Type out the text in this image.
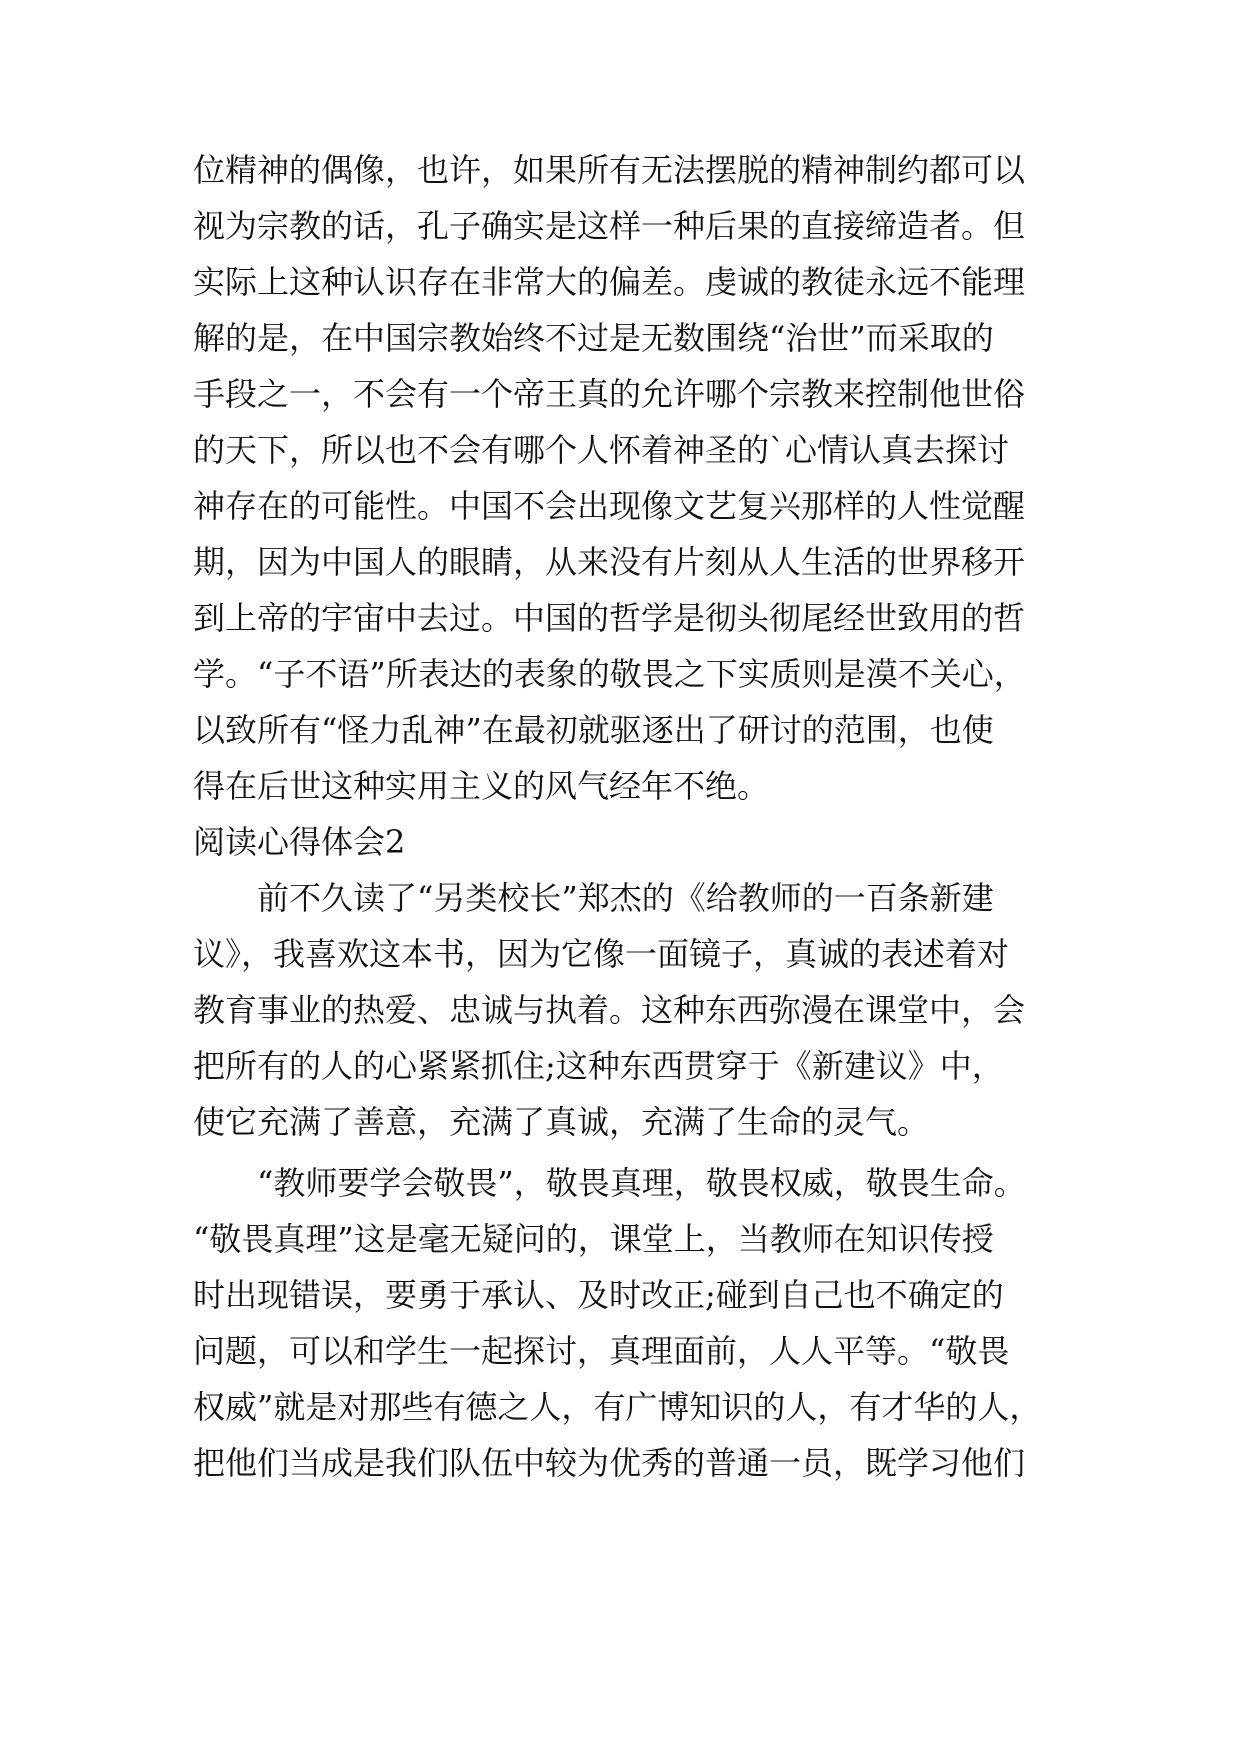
位精神的偶像，也许，如果所有无法摆脱的精神制约都可以

视为宗教的话，孔子确实是这样一种后果的直接缔造者。但

实际上这种认识存在非常大的偏差。虔诚的教徒永远不能理

解的是，在中国宗教始终不过是无数围绕“治世”而采取的

手段之一，不会有一个帝王真的允许哪个宗教来控制他世俗

的天下，所以也不会有哪个人怀着神圣的`心情认真去探讨

神存在的可能性。中国不会出现像文艺复兴那样的人性觉醒

期，因为中国人的眼睛，从来没有片刻从人生活的世界移开

到上帝的宇宙中去过。中国的哲学是彻头彻尾经世致用的哲

学。“子不语”所表达的表象的敬畏之下实质则是漠不关心，

以致所有“怪力乱神”在最初就驱逐出了研讨的范围，也使

得在后世这种实用主义的风气经年不绝。

阅读心得体会2

前不久读了“另类校长”郑杰的《给教师的一百条新建

议》，我喜欢这本书，因为它像一面镜子，真诚的表述着对

教育事业的热爱、忠诚与执着。这种东西弥漫在课堂中，会

把所有的人的心紧紧抓住;这种东西贯穿于《新建议》中，

使它充满了善意，充满了真诚，充满了生命的灵气。

“教师要学会敬畏”，敬畏真理，敬畏权威，敬畏生命。

“敬畏真理”这是毫无疑问的，课堂上，当教师在知识传授

时出现错误，要勇于承认、及时改正;碰到自己也不确定的

问题，可以和学生一起探讨，真理面前，人人平等。“敬畏

权威”就是对那些有德之人，有广博知识的人，有才华的人，

把他们当成是我们队伍中较为优秀的普通一员，既学习他们
